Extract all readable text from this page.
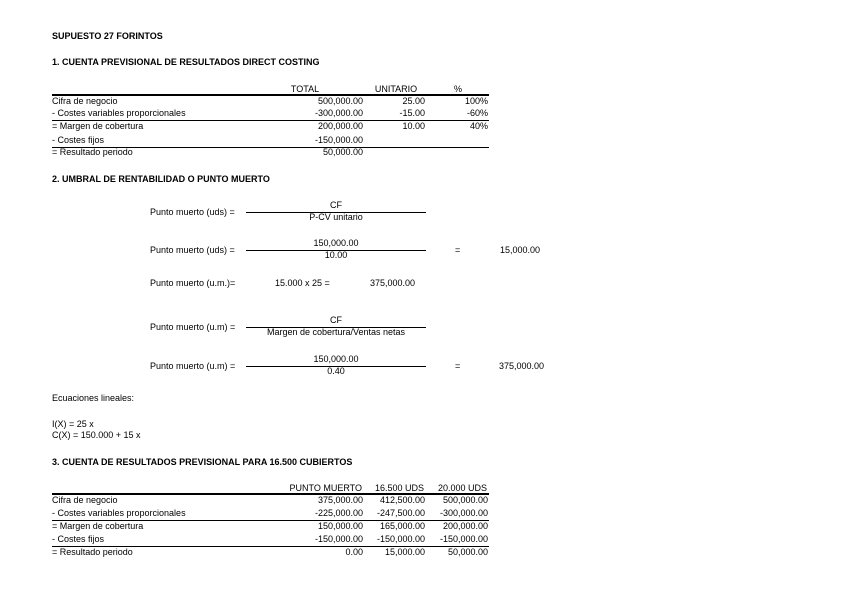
SUPUESTO 27 FORINTOS
1. CUENTA PREVISIONAL DE RESULTADOS DIRECT COSTING
TOTAL	UNITARIO	%
Cifra de negocio	500,000.00	25.00	100%
- Costes variables proporcionales	-300,000.00	-15.00	-60%
= Margen de cobertura	200,000.00	10.00	40%
- Costes fijos	-150,000.00
= Resultado periodo	50,000.00
2. UMBRAL DE RENTABILIDAD O PUNTO MUERTO
Punto muerto (uds) =
CF
P-CV unitario
Punto muerto (uds) =
150,000.00
10.00	=	15,000.00
Punto muerto (u.m.)=	15.000 x 25 =	375,000.00
Punto muerto (u.m) =
CF
Margen de cobertura/Ventas netas
Punto muerto (u.m) =
150,000.00
0.40	=	375,000.00
Ecuaciones lineales:
I(X) = 25 x
C(X) = 150.000 + 15 x
3. CUENTA DE RESULTADOS PREVISIONAL PARA 16.500 CUBIERTOS
PUNTO MUERTO	16.500 UDS	20.000 UDS
Cifra de negocio	375,000.00	412,500.00	500,000.00
- Costes variables proporcionales	-225,000.00	-247,500.00	-300,000.00
= Margen de cobertura	150,000.00	165,000.00	200,000.00
- Costes fijos	-150,000.00	-150,000.00	-150,000.00
= Resultado periodo	0.00	15,000.00	50,000.00
